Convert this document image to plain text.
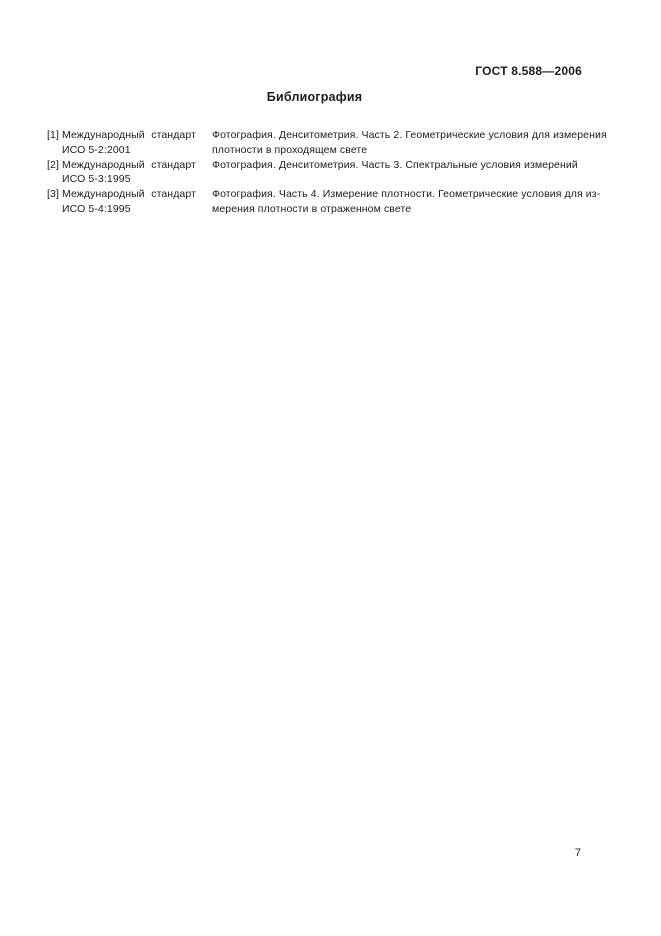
ГОСТ 8.588—2006
Библиография
[1] Международный стандарт
ИСО 5-2:2001
Фотография. Денситометрия. Часть 2. Геометрические условия для измерения
плотности в проходящем свете
[2] Международный стандарт
ИСО 5-3:1995
Фотография. Денситометрия. Часть 3. Спектральные условия измерений
[3] Международный стандарт
ИСО 5-4:1995
Фотография. Часть 4. Измерение плотности. Геометрические условия для из-
мерения плотности в отраженном свете
7
